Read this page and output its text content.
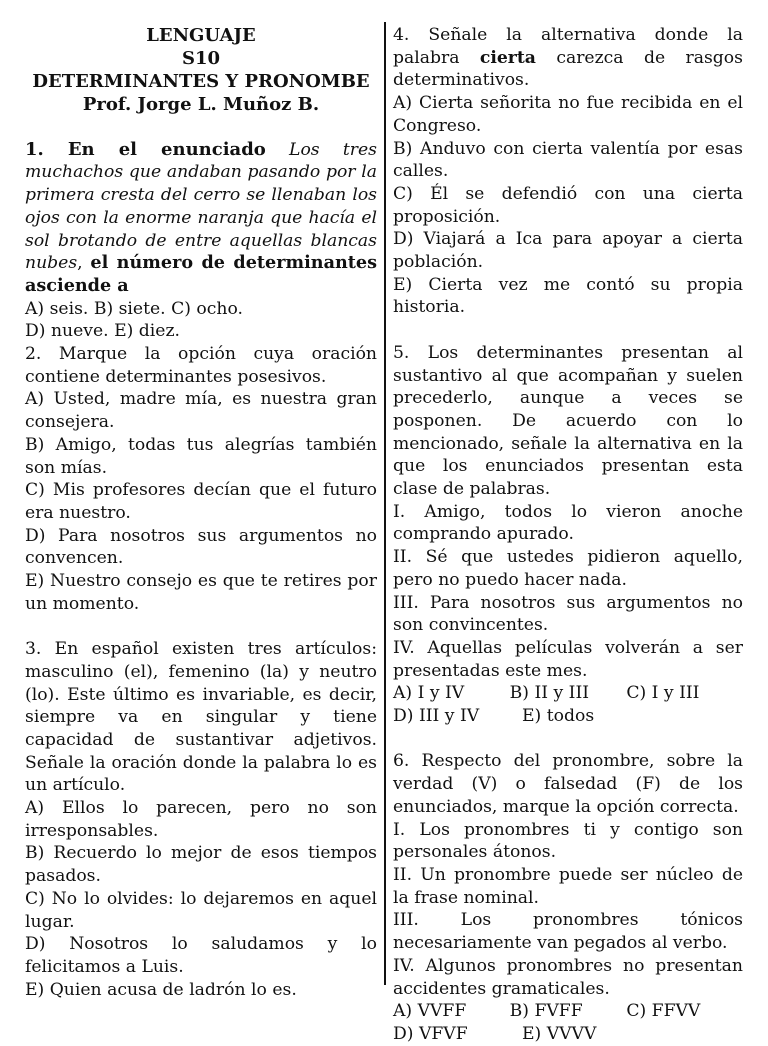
LENGUAJE
S10
DETERMINANTES Y PRONOMBE
Prof. Jorge L. Muñoz B.

1. En el enunciado Los tres muchachos que andaban pasando por la primera cresta del cerro se llenaban los ojos con la enorme naranja que hacía el sol brotando de entre aquellas blancas nubes, el número de determinantes asciende a

A) seis. B) siete. C) ocho.

D) nueve. E) diez.

2. Marque la opción cuya oración contiene determinantes posesivos.

A) Usted, madre mía, es nuestra gran consejera.

B) Amigo, todas tus alegrías también son mías.

C) Mis profesores decían que el futuro era nuestro.

D) Para nosotros sus argumentos no convencen.

E) Nuestro consejo es que te retires por un momento.

3. En español existen tres artículos: masculino (el), femenino (la) y neutro (lo). Este último es invariable, es decir, siempre va en singular y tiene capacidad de sustantivar adjetivos. Señale la oración donde la palabra lo es un artículo.

A) Ellos lo parecen, pero no son irresponsables.

B) Recuerdo lo mejor de esos tiempos pasados.

C) No lo olvides: lo dejaremos en aquel lugar.

D) Nosotros lo saludamos y lo felicitamos a Luis.

E) Quien acusa de ladrón lo es.

4. Señale la alternativa donde la palabra cierta carezca de rasgos determinativos.

A) Cierta señorita no fue recibida en el Congreso.

B) Anduvo con cierta valentía por esas calles.

C) Él se defendió con una cierta proposición.

D) Viajará a Ica para apoyar a cierta población.

E) Cierta vez me contó su propia historia.

5. Los determinantes presentan al sustantivo al que acompañan y suelen precederlo, aunque a veces se posponen. De acuerdo con lo mencionado, señale la alternativa en la que los enunciados presentan esta clase de palabras.

I. Amigo, todos lo vieron anoche comprando apurado.

II. Sé que ustedes pidieron aquello, pero no puedo hacer nada.

III. Para nosotros sus argumentos no son convincentes.

IV. Aquellas películas volverán a ser presentadas este mes.

A) I y IV	B) II y III	C) I y III
D) III y IV	E) todos

6. Respecto del pronombre, sobre la verdad (V) o falsedad (F) de los enunciados, marque la opción correcta.

I. Los pronombres ti y contigo son personales átonos.

II. Un pronombre puede ser núcleo de la frase nominal.

III. Los pronombres tónicos necesariamente van pegados al verbo.

IV. Algunos pronombres no presentan accidentes gramaticales.

A) VVFF	B) FVFF	C) FFVV
D) VFVF	E) VVVV
